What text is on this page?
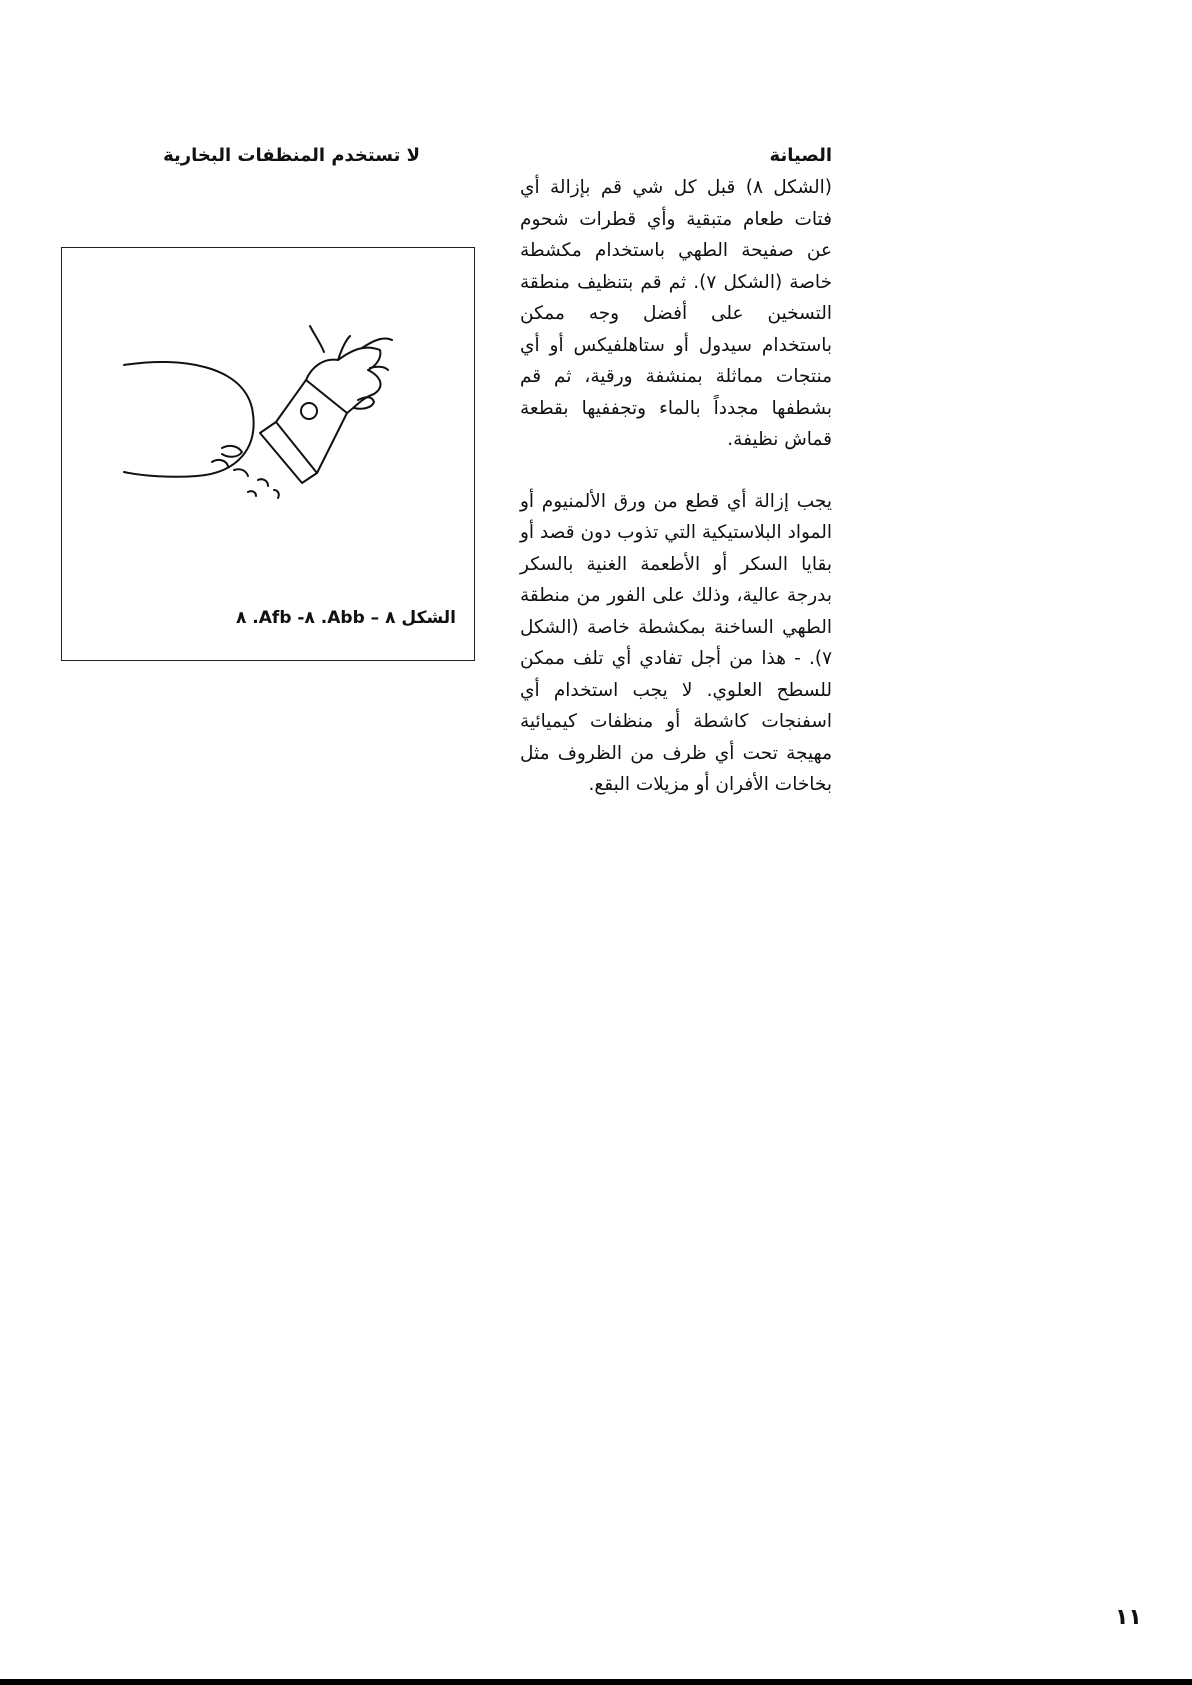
لا تستخدم المنظفات البخارية
الشكل ٨ – Abb. ٨- Afb. ٨
الصيانة

(الشكل ٨) قبل كل شي قم بإزالة أي فتات طعام متبقية وأي قطرات شحوم عن صفيحة الطهي باستخدام مكشطة خاصة (الشكل ٧). ثم قم بتنظيف منطقة التسخين على أفضل وجه ممكن باستخدام سيدول أو ستاهلفيكس أو أي منتجات مماثلة بمنشفة ورقية، ثم قم بشطفها مجدداً بالماء وتجففيها بقطعة قماش نظيفة.

يجب إزالة أي قطع من ورق الألمنيوم أو المواد البلاستيكية التي تذوب دون قصد أو بقايا السكر أو الأطعمة الغنية بالسكر بدرجة عالية، وذلك على الفور من منطقة الطهي الساخنة بمكشطة خاصة (الشكل ٧). - هذا من أجل تفادي أي تلف ممكن للسطح العلوي. لا يجب استخدام أي اسفنجات كاشطة أو منظفات كيميائية مهيجة تحت أي ظرف من الظروف مثل بخاخات الأفران أو مزيلات البقع.

١١
